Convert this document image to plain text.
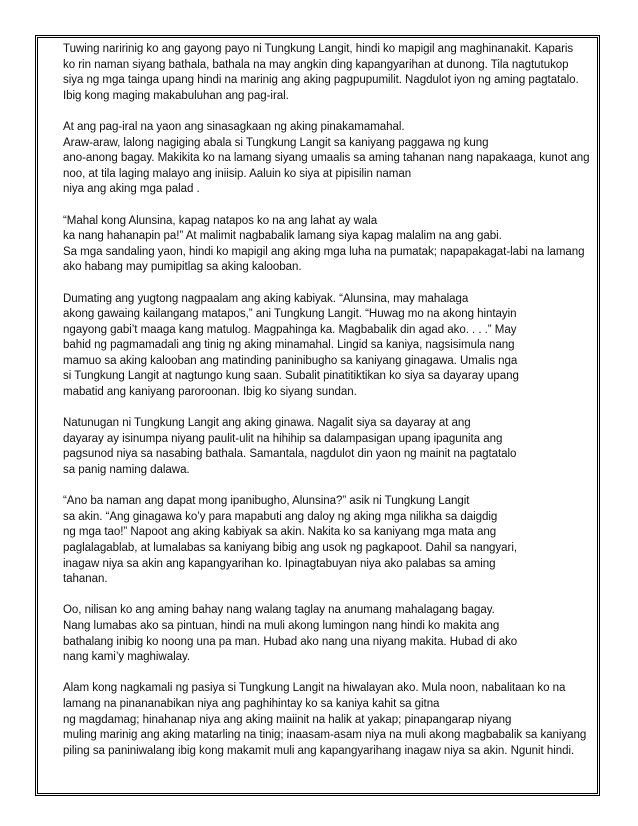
Tuwing naririnig ko ang gayong payo ni Tungkung Langit, hindi ko mapigil ang maghinanakit. Kaparis
ko rin naman siyang bathala, bathala na may angkin ding kapangyarihan at dunong. Tila nagtutukop
siya ng mga tainga upang hindi na marinig ang aking pagpupumilit. Nagdulot iyon ng aming pagtatalo.
Ibig kong maging makabuluhan ang pag-iral.

At ang pag-iral na yaon ang sinasagkaan ng aking pinakamamahal.
Araw-araw, lalong nagiging abala si Tungkung Langit sa kaniyang paggawa ng kung
ano-anong bagay. Makikita ko na lamang siyang umaalis sa aming tahanan nang napakaaga, kunot ang
noo, at tila laging malayo ang iniisip. Aaluin ko siya at pipisilin naman
niya ang aking mga palad .

“Mahal kong Alunsina, kapag natapos ko na ang lahat ay wala
ka nang hahanapin pa!” At malimit nagbabalik lamang siya kapag malalim na ang gabi.
Sa mga sandaling yaon, hindi ko mapigil ang aking mga luha na pumatak; napapakagat-labi na lamang
ako habang may pumipitlag sa aking kalooban.

Dumating ang yugtong nagpaalam ang aking kabiyak. “Alunsina, may mahalaga
akong gawaing kailangang matapos,” ani Tungkung Langit. “Huwag mo na akong hintayin
ngayong gabi’t maaga kang matulog. Magpahinga ka. Magbabalik din agad ako. . . .” May
bahid ng pagmamadali ang tinig ng aking minamahal. Lingid sa kaniya, nagsisimula nang
mamuo sa aking kalooban ang matinding paninibugho sa kaniyang ginagawa. Umalis nga
si Tungkung Langit at nagtungo kung saan. Subalit pinatitiktikan ko siya sa dayaray upang
mabatid ang kaniyang paroroonan. Ibig ko siyang sundan.

Natunugan ni Tungkung Langit ang aking ginawa. Nagalit siya sa dayaray at ang
dayaray ay isinumpa niyang paulit-ulit na hihihip sa dalampasigan upang ipagunita ang
pagsunod niya sa nasabing bathala. Samantala, nagdulot din yaon ng mainit na pagtatalo
sa panig naming dalawa.

“Ano ba naman ang dapat mong ipanibugho, Alunsina?” asik ni Tungkung Langit
sa akin. “Ang ginagawa ko’y para mapabuti ang daloy ng aking mga nilikha sa daigdig
ng mga tao!” Napoot ang aking kabiyak sa akin. Nakita ko sa kaniyang mga mata ang
paglalagablab, at lumalabas sa kaniyang bibig ang usok ng pagkapoot. Dahil sa nangyari,
inagaw niya sa akin ang kapangyarihan ko. Ipinagtabuyan niya ako palabas sa aming
tahanan.

Oo, nilisan ko ang aming bahay nang walang taglay na anumang mahalagang bagay.
Nang lumabas ako sa pintuan, hindi na muli akong lumingon nang hindi ko makita ang
bathalang inibig ko noong una pa man. Hubad ako nang una niyang makita. Hubad di ako
nang kami’y maghiwalay.

Alam kong nagkamali ng pasiya si Tungkung Langit na hiwalayan ako. Mula noon, nabalitaan ko na
lamang na pinananabikan niya ang paghihintay ko sa kaniya kahit sa gitna
ng magdamag; hinahanap niya ang aking maiinit na halik at yakap; pinapangarap niyang
muling marinig ang aking matarling na tinig; inaasam-asam niya na muli akong magbabalik sa kaniyang
piling sa paniniwalang ibig kong makamit muli ang kapangyarihang inagaw niya sa akin. Ngunit hindi.
